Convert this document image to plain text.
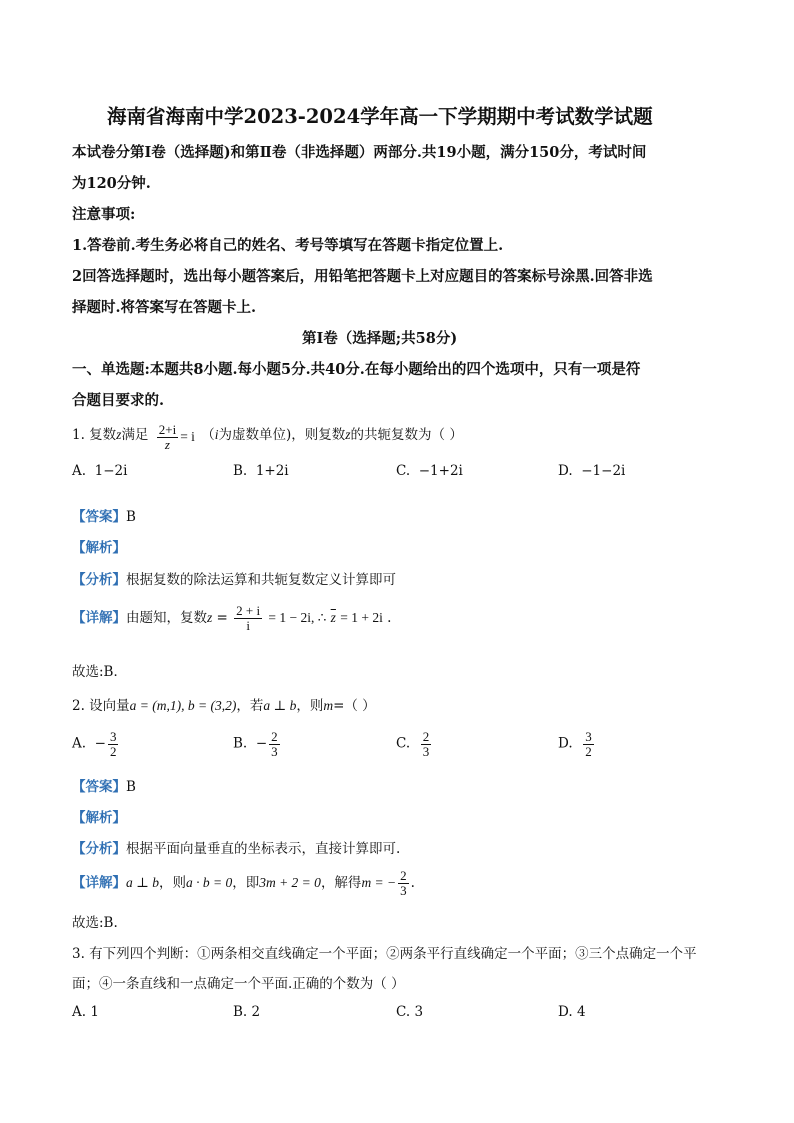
海南省海南中学2023-2024学年高一下学期期中考试数学试题
本试卷分第Ⅰ卷（选择题)和第Ⅱ卷（非选择题）两部分.共19小题，满分150分，考试时间
为120分钟.
注意事项:
1.答卷前.考生务必将自己的姓名、考号等填写在答题卡指定位置上.
2回答选择题时，选出每小题答案后，用铅笔把答题卡上对应题目的答案标号涂黑.回答非选
择题时.将答案写在答题卡上.
第Ⅰ卷（选择题;共58分)
一、单选题:本题共8小题.每小题5分.共40分.在每小题给出的四个选项中，只有一项是符
合题目要求的.
1. 复数z满足 $\frac{2+i}{z} = i$ （i为虚数单位)，则复数z的共轭复数为（ ）
A. 1−2i	B. 1+2i	C. −1+2i	D. −1−2i
【答案】B
【解析】
【分析】根据复数的除法运算和共轭复数定义计算即可
【详解】由题知，复数$z = \frac{2 + i}{i} = 1 - 2i$, ∴ $\overline{z} = 1 + 2i$ .
故选:B．
2. 设向量a = (m,1), b = (3,2)，若a ⊥ b，则m=（ ）
A. − $\frac{3}{2}$	B. − $\frac{2}{3}$	C. $\frac{2}{3}$	D. $\frac{3}{2}$
【答案】B
【解析】
【分析】根据平面向量垂直的坐标表示，直接计算即可.
【详解】a ⊥ b，则a · b = 0，即3m + 2 = 0，解得m = − $\frac{2}{3}$ .
故选:B.
3. 有下列四个判断：①两条相交直线确定一个平面；②两条平行直线确定一个平面；③三个点确定一个平
面；④一条直线和一点确定一个平面.正确的个数为（ ）
A. 1	B. 2	C. 3	D. 4
